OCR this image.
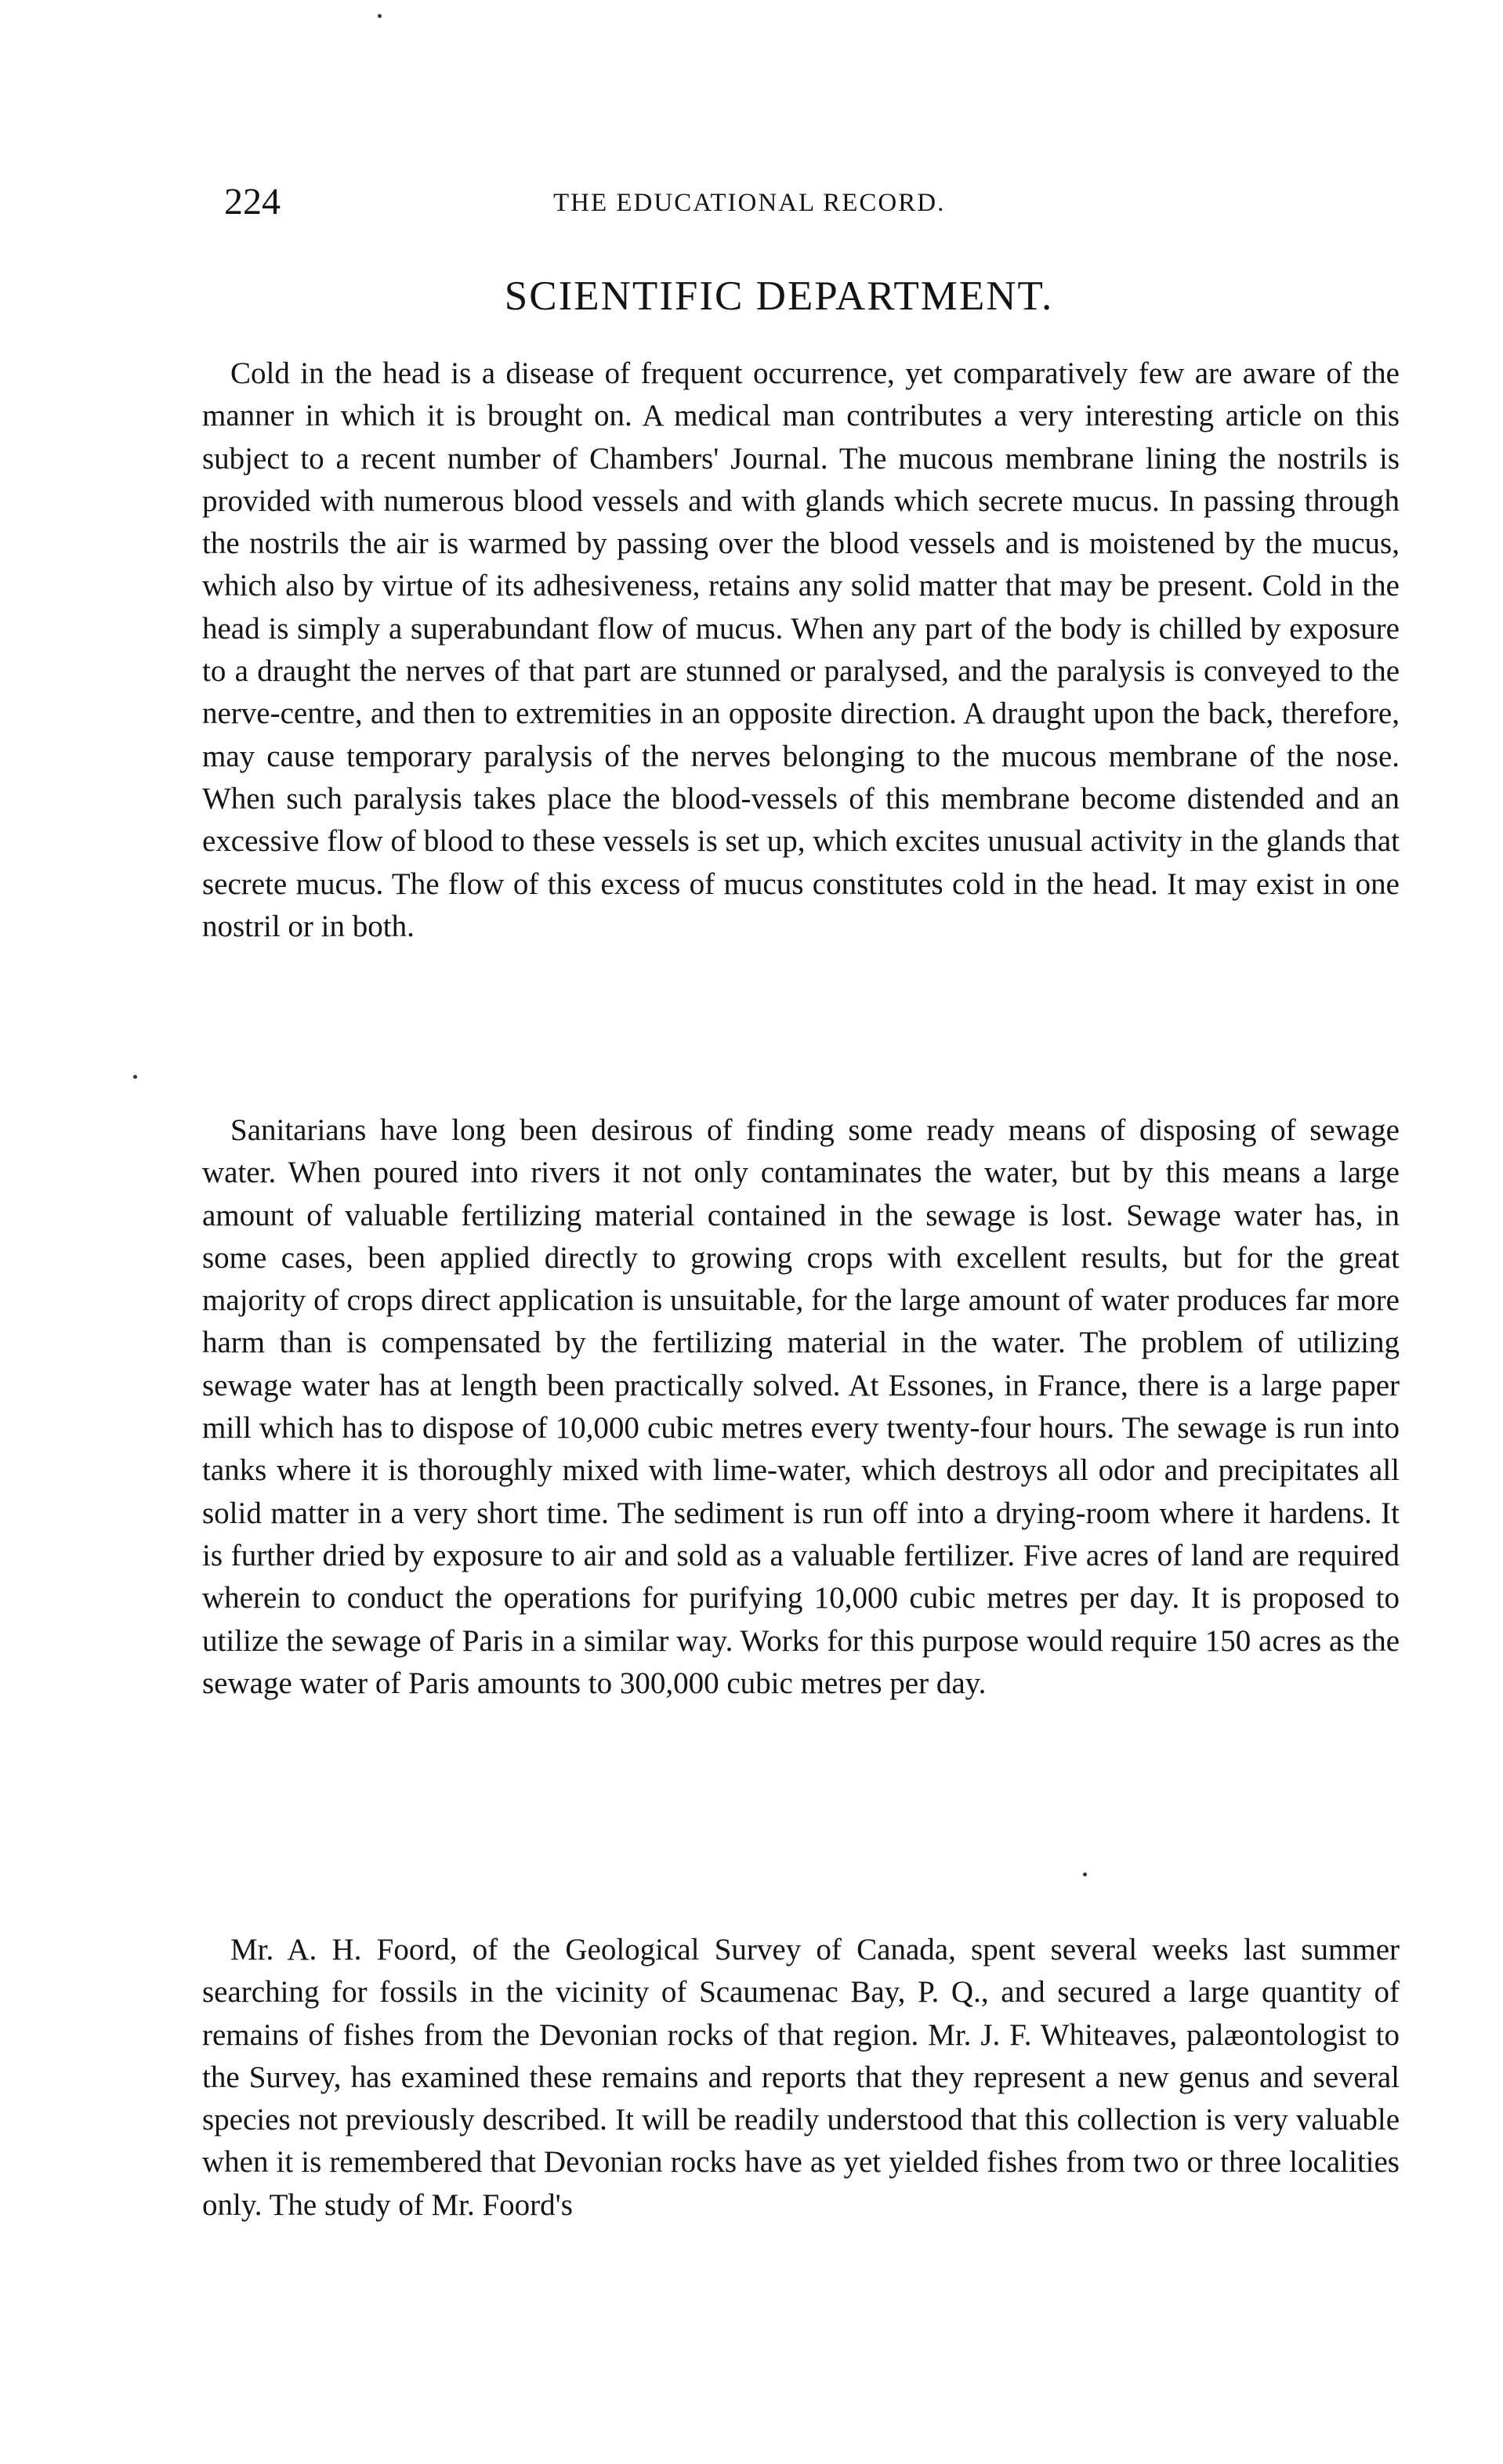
224	THE EDUCATIONAL RECORD.
SCIENTIFIC DEPARTMENT.

Cold in the head is a disease of frequent occurrence, yet comparatively few are aware of the manner in which it is brought on. A medical man contributes a very interesting article on this subject to a recent number of Chambers' Journal. The mucous membrane lining the nostrils is provided with numerous blood vessels and with glands which secrete mucus. In passing through the nostrils the air is warmed by passing over the blood vessels and is moistened by the mucus, which also by virtue of its adhesiveness, retains any solid matter that may be present. Cold in the head is simply a superabundant flow of mucus. When any part of the body is chilled by exposure to a draught the nerves of that part are stunned or paralysed, and the paralysis is conveyed to the nerve-centre, and then to extremities in an opposite direction. A draught upon the back, therefore, may cause temporary paralysis of the nerves belonging to the mucous membrane of the nose. When such paralysis takes place the blood-vessels of this membrane become distended and an excessive flow of blood to these vessels is set up, which excites unusual activity in the glands that secrete mucus. The flow of this excess of mucus constitutes cold in the head. It may exist in one nostril or in both.

Sanitarians have long been desirous of finding some ready means of disposing of sewage water. When poured into rivers it not only contaminates the water, but by this means a large amount of valuable fertilizing material contained in the sewage is lost. Sewage water has, in some cases, been applied directly to growing crops with excellent results, but for the great majority of crops direct application is unsuitable, for the large amount of water produces far more harm than is compensated by the fertilizing material in the water. The problem of utilizing sewage water has at length been practically solved. At Essones, in France, there is a large paper mill which has to dispose of 10,000 cubic metres every twenty-four hours. The sewage is run into tanks where it is thoroughly mixed with lime-water, which destroys all odor and precipitates all solid matter in a very short time. The sediment is run off into a drying-room where it hardens. It is further dried by exposure to air and sold as a valuable fertilizer. Five acres of land are required wherein to conduct the operations for purifying 10,000 cubic metres per day. It is proposed to utilize the sewage of Paris in a similar way. Works for this purpose would require 150 acres as the sewage water of Paris amounts to 300,000 cubic metres per day.

Mr. A. H. Foord, of the Geological Survey of Canada, spent several weeks last summer searching for fossils in the vicinity of Scaumenac Bay, P. Q., and secured a large quantity of remains of fishes from the Devonian rocks of that region. Mr. J. F. Whiteaves, palæontologist to the Survey, has examined these remains and reports that they represent a new genus and several species not previously described. It will be readily understood that this collection is very valuable when it is remembered that Devonian rocks have as yet yielded fishes from two or three localities only. The study of Mr. Foord's
